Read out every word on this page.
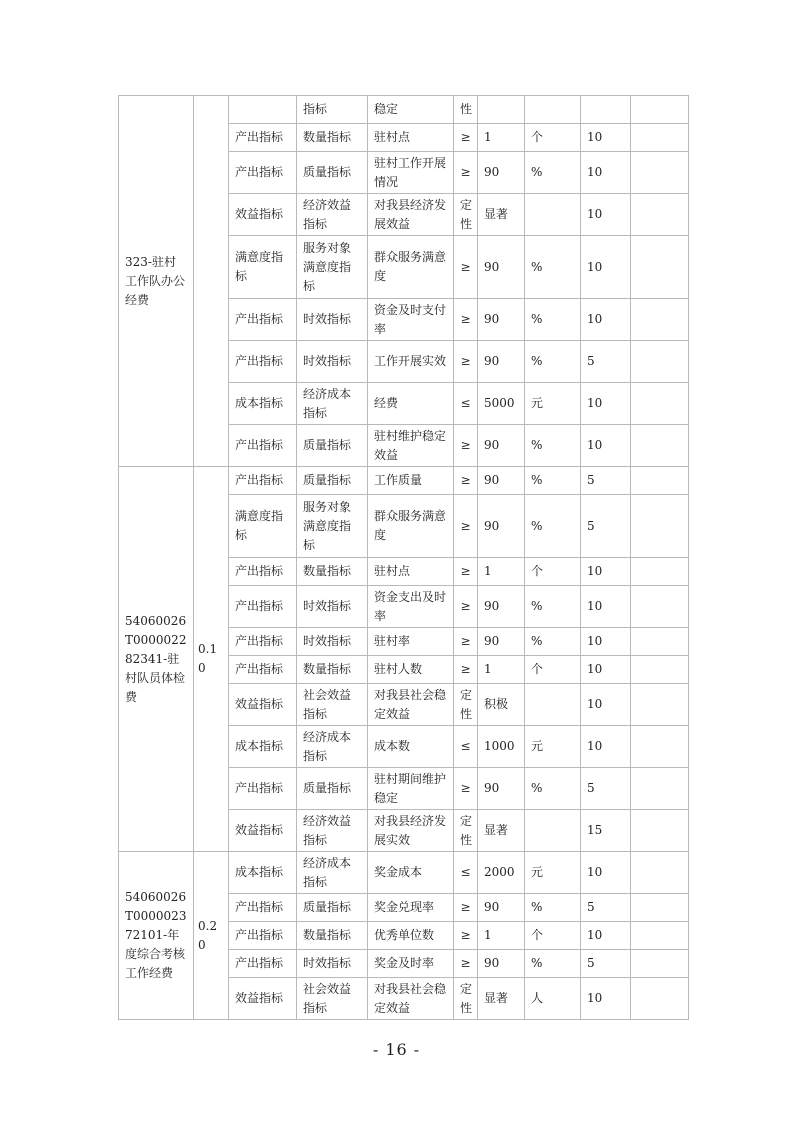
323-驻村工作队办公经费			指标	稳定	性				
		产出指标	数量指标	驻村点	≥	1	个	10	
		产出指标	质量指标	驻村工作开展情况	≥	90	%	10	
		效益指标	经济效益指标	对我县经济发展效益	定性	显著		10	
		满意度指标	服务对象满意度指标	群众服务满意度	≥	90	%	10	
		产出指标	时效指标	资金及时支付率	≥	90	%	10	
		产出指标	时效指标	工作开展实效	≥	90	%	5	
		成本指标	经济成本指标	经费	≤	5000	元	10	
		产出指标	质量指标	驻村维护稳定效益	≥	90	%	10	
54060026T000002282341-驻村队员体检费	0.10	产出指标	质量指标	工作质量	≥	90	%	5	
		满意度指标	服务对象满意度指标	群众服务满意度	≥	90	%	5	
		产出指标	数量指标	驻村点	≥	1	个	10	
		产出指标	时效指标	资金支出及时率	≥	90	%	10	
		产出指标	时效指标	驻村率	≥	90	%	10	
		产出指标	数量指标	驻村人数	≥	1	个	10	
		效益指标	社会效益指标	对我县社会稳定效益	定性	积极		10	
		成本指标	经济成本指标	成本数	≤	1000	元	10	
		产出指标	质量指标	驻村期间维护稳定	≥	90	%	5	
		效益指标	经济效益指标	对我县经济发展实效	定性	显著		15	
54060026T000002372101-年度综合考核工作经费	0.20	成本指标	经济成本指标	奖金成本	≤	2000	元	10	
		产出指标	质量指标	奖金兑现率	≥	90	%	5	
		产出指标	数量指标	优秀单位数	≥	1	个	10	
		产出指标	时效指标	奖金及时率	≥	90	%	5	
		效益指标	社会效益指标	对我县社会稳定效益	定性	显著	人	10	
- 16 -
